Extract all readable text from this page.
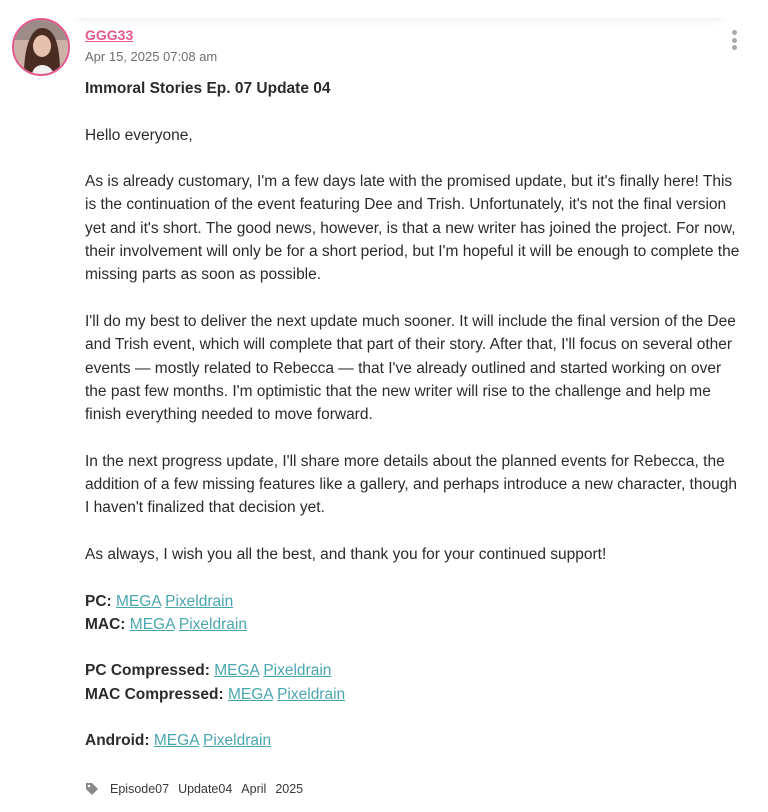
GGG33
Apr 15, 2025 07:08 am

Immoral Stories Ep. 07 Update 04

Hello everyone,

As is already customary, I'm a few days late with the promised update, but it's finally here! This is the continuation of the event featuring Dee and Trish. Unfortunately, it's not the final version yet and it's short. The good news, however, is that a new writer has joined the project. For now, their involvement will only be for a short period, but I'm hopeful it will be enough to complete the missing parts as soon as possible.

I'll do my best to deliver the next update much sooner. It will include the final version of the Dee and Trish event, which will complete that part of their story. After that, I'll focus on several other events — mostly related to Rebecca — that I've already outlined and started working on over the past few months. I'm optimistic that the new writer will rise to the challenge and help me finish everything needed to move forward.

In the next progress update, I'll share more details about the planned events for Rebecca, the addition of a few missing features like a gallery, and perhaps introduce a new character, though I haven't finalized that decision yet.

As always, I wish you all the best, and thank you for your continued support!

PC: MEGA Pixeldrain

MAC: MEGA Pixeldrain

PC Compressed: MEGA Pixeldrain

MAC Compressed: MEGA Pixeldrain

Android: MEGA Pixeldrain

Episode07 Update04 April 2025
